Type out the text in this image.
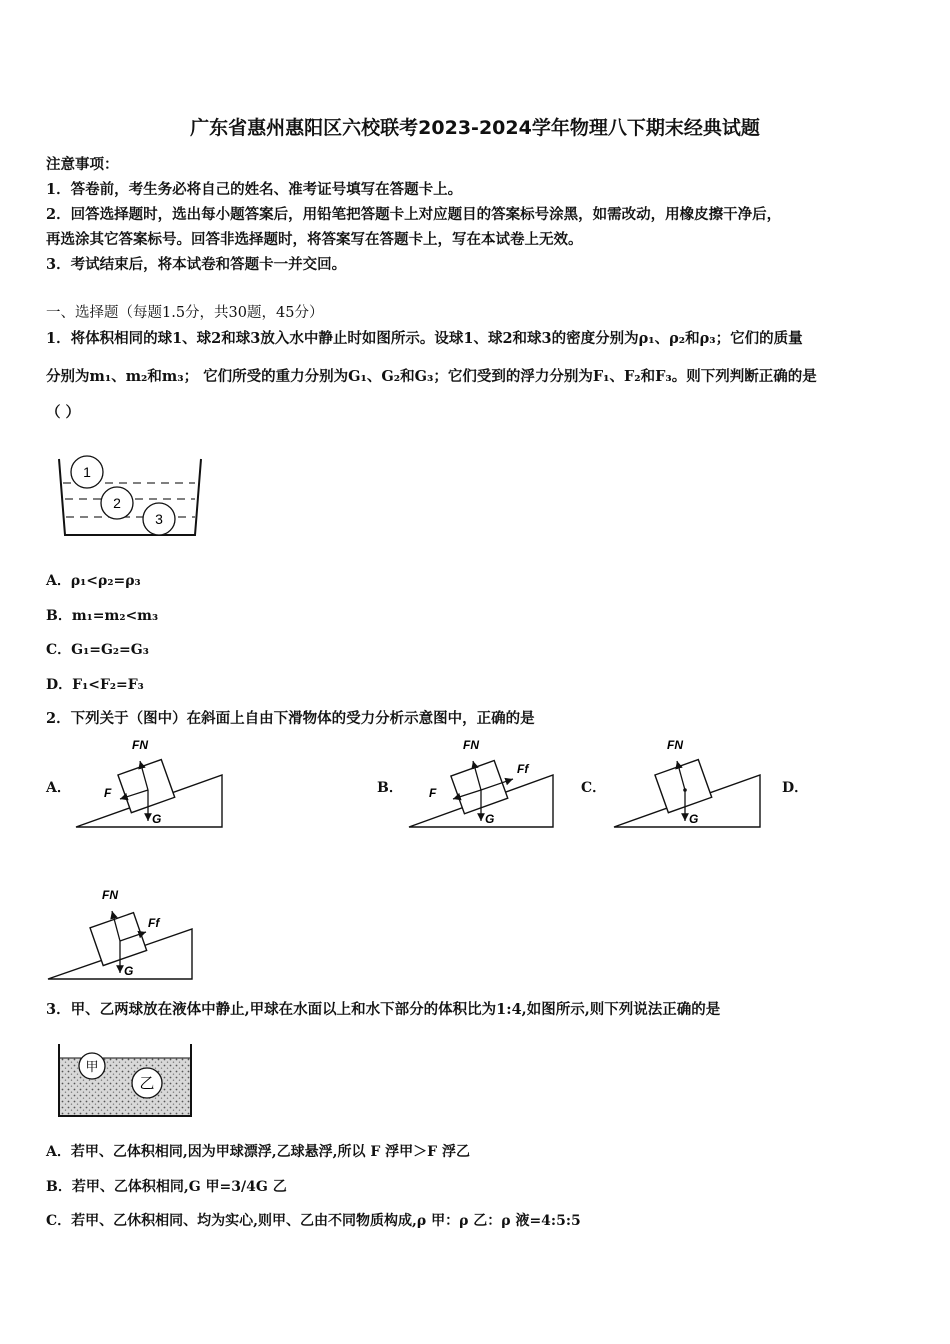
广东省惠州惠阳区六校联考2023-2024学年物理八下期末经典试题
注意事项：
1．答卷前，考生务必将自己的姓名、准考证号填写在答题卡上。
2．回答选择题时，选出每小题答案后，用铅笔把答题卡上对应题目的答案标号涂黑，如需改动，用橡皮擦干净后，
再选涂其它答案标号。回答非选择题时，将答案写在答题卡上，写在本试卷上无效。
3．考试结束后，将本试卷和答题卡一并交回。
一、选择题（每题1.5分，共30题，45分）
1．将体积相同的球1、球2和球3放入水中静止时如图所示。设球1、球2和球3的密度分别为ρ₁、ρ₂和ρ₃；它们的质量
分别为m₁、m₂和m₃； 它们所受的重力分别为G₁、G₂和G₃；它们受到的浮力分别为F₁、F₂和F₃。则下列判断正确的是
（ ）
1
2
3
A．ρ₁<ρ₂=ρ₃
B．m₁=m₂<m₃
C．G₁=G₂=G₃
D．F₁<F₂=F₃
2．下列关于（图中）在斜面上自由下滑物体的受力分析示意图中，正确的是
A．	B．	C．	D．
FN
F
G
FN
Ff
F
G
FN
G
FN
Ff
G
3．甲、乙两球放在液体中静止,甲球在水面以上和水下部分的体积比为1:4,如图所示,则下列说法正确的是
甲
乙
A．若甲、乙体积相同,因为甲球漂浮,乙球悬浮,所以 F 浮甲＞F 浮乙
B．若甲、乙体积相同,G 甲=3/4G 乙
C．若甲、乙休积相同、均为实心,则甲、乙由不同物质构成,ρ 甲：ρ 乙：ρ 液=4:5:5
